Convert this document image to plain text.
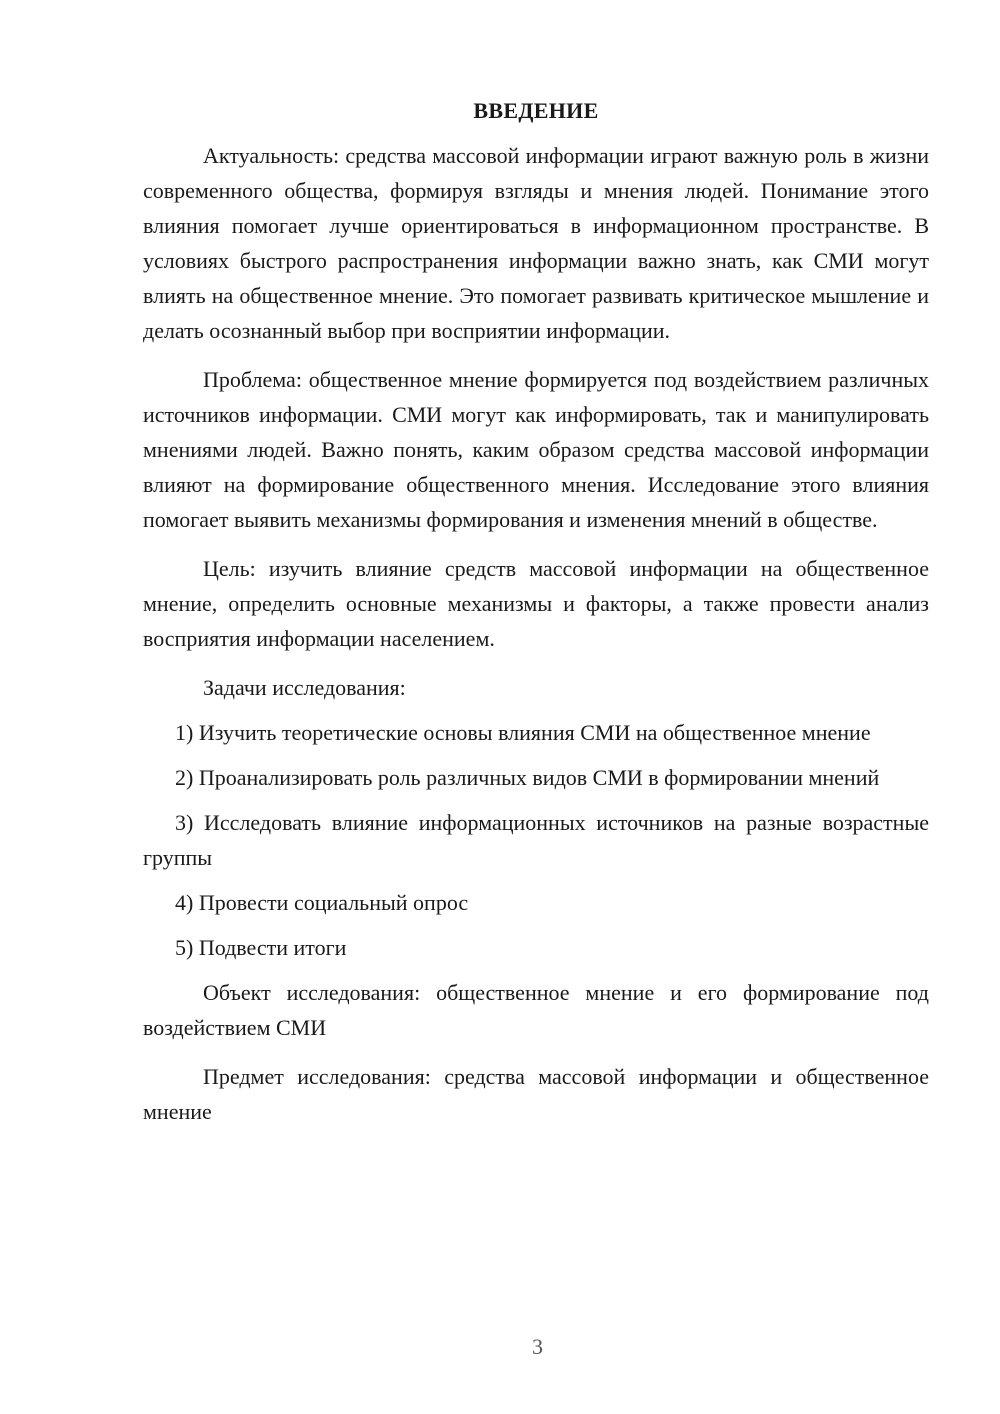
ВВЕДЕНИЕ

Актуальность: средства массовой информации играют важную роль в жизни современного общества, формируя взгляды и мнения людей. Понимание этого влияния помогает лучше ориентироваться в информационном пространстве. В условиях быстрого распространения информации важно знать, как СМИ могут влиять на общественное мнение. Это помогает развивать критическое мышление и делать осознанный выбор при восприятии информации.

Проблема: общественное мнение формируется под воздействием различных источников информации. СМИ могут как информировать, так и манипулировать мнениями людей. Важно понять, каким образом средства массовой информации влияют на формирование общественного мнения. Исследование этого влияния помогает выявить механизмы формирования и изменения мнений в обществе.

Цель: изучить влияние средств массовой информации на общественное мнение, определить основные механизмы и факторы, а также провести анализ восприятия информации населением.

Задачи исследования:

1) Изучить теоретические основы влияния СМИ на общественное мнение

2) Проанализировать роль различных видов СМИ в формировании мнений

3) Исследовать влияние информационных источников на разные возрастные группы

4) Провести социальный опрос

5) Подвести итоги

Объект исследования: общественное мнение и его формирование под воздействием СМИ

Предмет исследования: средства массовой информации и общественное мнение

3
